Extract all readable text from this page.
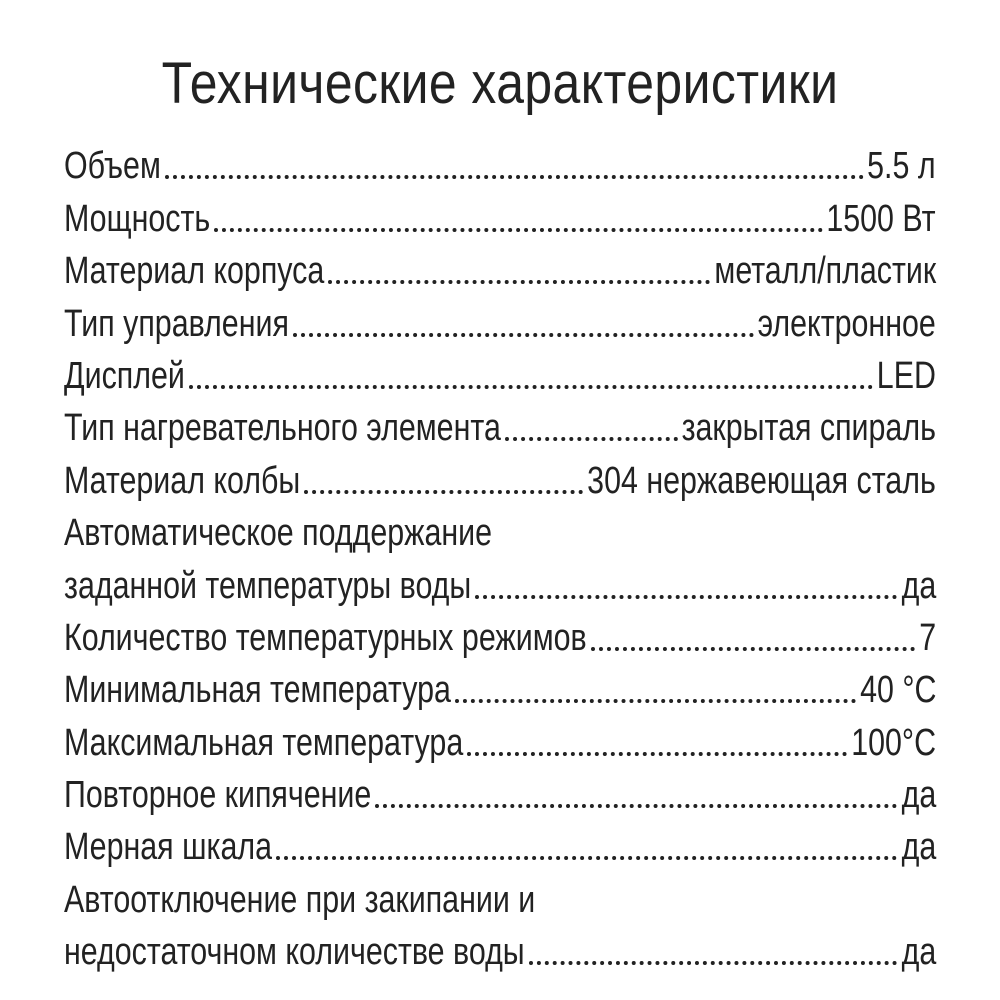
Технические характеристики
Объем	5.5 л
Мощность	1500 Вт
Материал корпуса	металл/пластик
Тип управления	электронное
Дисплей	LED
Тип нагревательного элемента	закрытая спираль
Материал колбы	304 нержавеющая сталь
Автоматическое поддержание
заданной температуры воды	да
Количество температурных режимов	7
Минимальная температура	40 °C
Максимальная температура	100°C
Повторное кипячение	да
Мерная шкала	да
Автоотключение при закипании и
недостаточном количестве воды	да
